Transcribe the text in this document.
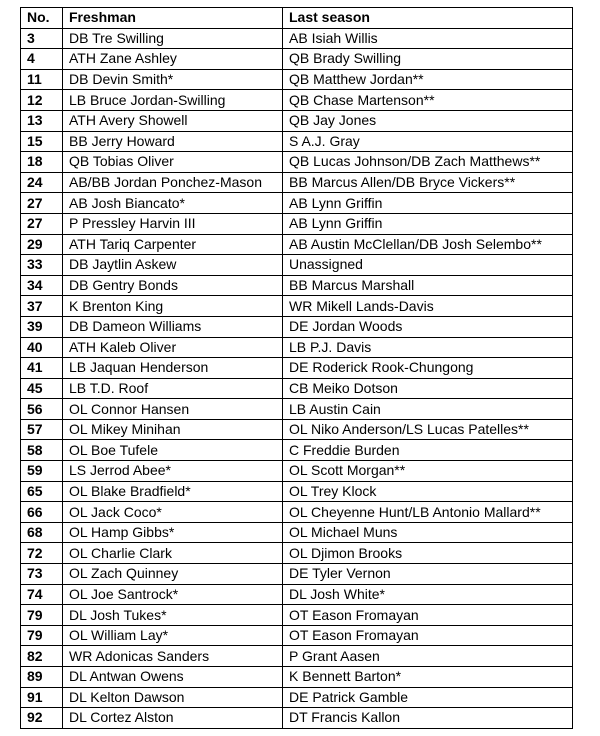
No.	Freshman	Last season
3	DB Tre Swilling	AB Isiah Willis
4	ATH Zane Ashley	QB Brady Swilling
11	DB Devin Smith*	QB Matthew Jordan**
12	LB Bruce Jordan-Swilling	QB Chase Martenson**
13	ATH Avery Showell	QB Jay Jones
15	BB Jerry Howard	S A.J. Gray
18	QB Tobias Oliver	QB Lucas Johnson/DB Zach Matthews**
24	AB/BB Jordan Ponchez-Mason	BB Marcus Allen/DB Bryce Vickers**
27	AB Josh Biancato*	AB Lynn Griffin
27	P Pressley Harvin III	AB Lynn Griffin
29	ATH Tariq Carpenter	AB Austin McClellan/DB Josh Selembo**
33	DB Jaytlin Askew	Unassigned
34	DB Gentry Bonds	BB Marcus Marshall
37	K Brenton King	WR Mikell Lands-Davis
39	DB Dameon Williams	DE Jordan Woods
40	ATH Kaleb Oliver	LB P.J. Davis
41	LB Jaquan Henderson	DE Roderick Rook-Chungong
45	LB T.D. Roof	CB Meiko Dotson
56	OL Connor Hansen	LB Austin Cain
57	OL Mikey Minihan	OL Niko Anderson/LS Lucas Patelles**
58	OL Boe Tufele	C Freddie Burden
59	LS Jerrod Abee*	OL Scott Morgan**
65	OL Blake Bradfield*	OL Trey Klock
66	OL Jack Coco*	OL Cheyenne Hunt/LB Antonio Mallard**
68	OL Hamp Gibbs*	OL Michael Muns
72	OL Charlie Clark	OL Djimon Brooks
73	OL Zach Quinney	DE Tyler Vernon
74	OL Joe Santrock*	DL Josh White*
79	DL Josh Tukes*	OT Eason Fromayan
79	OL William Lay*	OT Eason Fromayan
82	WR Adonicas Sanders	P Grant Aasen
89	DL Antwan Owens	K Bennett Barton*
91	DL Kelton Dawson	DE Patrick Gamble
92	DL Cortez Alston	DT Francis Kallon
